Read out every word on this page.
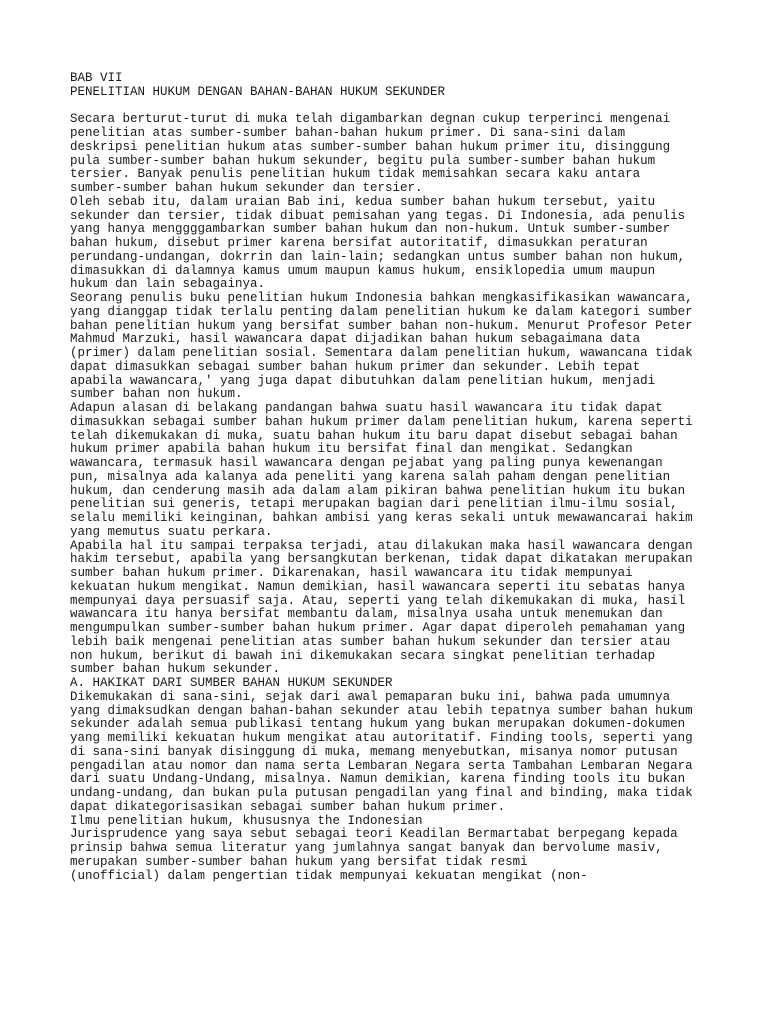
BAB VII
PENELITIAN HUKUM DENGAN BAHAN-BAHAN HUKUM SEKUNDER

Secara berturut-turut di muka telah digambarkan degnan cukup terperinci mengenai
penelitian atas sumber-sumber bahan-bahan hukum primer. Di sana-sini dalam
deskripsi penelitian hukum atas sumber-sumber bahan hukum primer itu, disinggung
pula sumber-sumber bahan hukum sekunder, begitu pula sumber-sumber bahan hukum
tersier. Banyak penulis penelitian hukum tidak memisahkan secara kaku antara
sumber-sumber bahan hukum sekunder dan tersier.
Oleh sebab itu, dalam uraian Bab ini, kedua sumber bahan hukum tersebut, yaitu
sekunder dan tersier, tidak dibuat pemisahan yang tegas. Di Indonesia, ada penulis
yang hanya menggggambarkan sumber bahan hukum dan non-hukum. Untuk sumber-sumber
bahan hukum, disebut primer karena bersifat autoritatif, dimasukkan peraturan
perundang-undangan, dokrrin dan lain-lain; sedangkan untus sumber bahan non hukum,
dimasukkan di dalamnya kamus umum maupun kamus hukum, ensiklopedia umum maupun
hukum dan lain sebagainya.
Seorang penulis buku penelitian hukum Indonesia bahkan mengkasifikasikan wawancara,
yang dianggap tidak terlalu penting dalam penelitian hukum ke dalam kategori sumber
bahan penelitian hukum yang bersifat sumber bahan non-hukum. Menurut Profesor Peter
Mahmud Marzuki, hasil wawancara dapat dijadikan bahan hukum sebagaimana data
(primer) dalam penelitian sosial. Sementara dalam penelitian hukum, wawancana tidak
dapat dimasukkan sebagai sumber bahan hukum primer dan sekunder. Lebih tepat
apabila wawancara,' yang juga dapat dibutuhkan dalam penelitian hukum, menjadi
sumber bahan non hukum.
Adapun alasan di belakang pandangan bahwa suatu hasil wawancara itu tidak dapat
dimasukkan sebagai sumber bahan hukum primer dalam penelitian hukum, karena seperti
telah dikemukakan di muka, suatu bahan hukum itu baru dapat disebut sebagai bahan
hukum primer apabila bahan hukum itu bersifat final dan mengikat. Sedangkan
wawancara, termasuk hasil wawancara dengan pejabat yang paling punya kewenangan
pun, misalnya ada kalanya ada peneliti yang karena salah paham dengan penelitian
hukum, dan cenderung masih ada dalam alam pikiran bahwa penelitian hukum itu bukan
penelitian sui generis, tetapi merupakan bagian dari penelitian ilmu-ilmu sosial,
selalu memiliki keinginan, bahkan ambisi yang keras sekali untuk mewawancarai hakim
yang memutus suatu perkara.
Apabila hal itu sampai terpaksa terjadi, atau dilakukan maka hasil wawancara dengan
hakim tersebut, apabila yang bersangkutan berkenan, tidak dapat dikatakan merupakan
sumber bahan hukum primer. Dikarenakan, hasil wawancara itu tidak mempunyai
kekuatan hukum mengikat. Namun demikian, hasil wawancara seperti itu sebatas hanya
mempunyai daya persuasif saja. Atau, seperti yang telah dikemukakan di muka, hasil
wawancara itu hanya bersifat membantu dalam, misalnya usaha untuk menemukan dan
mengumpulkan sumber-sumber bahan hukum primer. Agar dapat diperoleh pemahaman yang
lebih baik mengenai penelitian atas sumber bahan hukum sekunder dan tersier atau
non hukum, berikut di bawah ini dikemukakan secara singkat penelitian terhadap
sumber bahan hukum sekunder.
A. HAKIKAT DARI SUMBER BAHAN HUKUM SEKUNDER
Dikemukakan di sana-sini, sejak dari awal pemaparan buku ini, bahwa pada umumnya
yang dimaksudkan dengan bahan-bahan sekunder atau lebih tepatnya sumber bahan hukum
sekunder adalah semua publikasi tentang hukum yang bukan merupakan dokumen-dokumen
yang memiliki kekuatan hukum mengikat atau autoritatif. Finding tools, seperti yang
di sana-sini banyak disinggung di muka, memang menyebutkan, misanya nomor putusan
pengadilan atau nomor dan nama serta Lembaran Negara serta Tambahan Lembaran Negara
dari suatu Undang-Undang, misalnya. Namun demikian, karena finding tools itu bukan
undang-undang, dan bukan pula putusan pengadilan yang final and binding, maka tidak
dapat dikategorisasikan sebagai sumber bahan hukum primer.
Ilmu penelitian hukum, khususnya the Indonesian
Jurisprudence yang saya sebut sebagai teori Keadilan Bermartabat berpegang kepada
prinsip bahwa semua literatur yang jumlahnya sangat banyak dan bervolume masiv,
merupakan sumber-sumber bahan hukum yang bersifat tidak resmi
(unofficial) dalam pengertian tidak mempunyai kekuatan mengikat (non-
